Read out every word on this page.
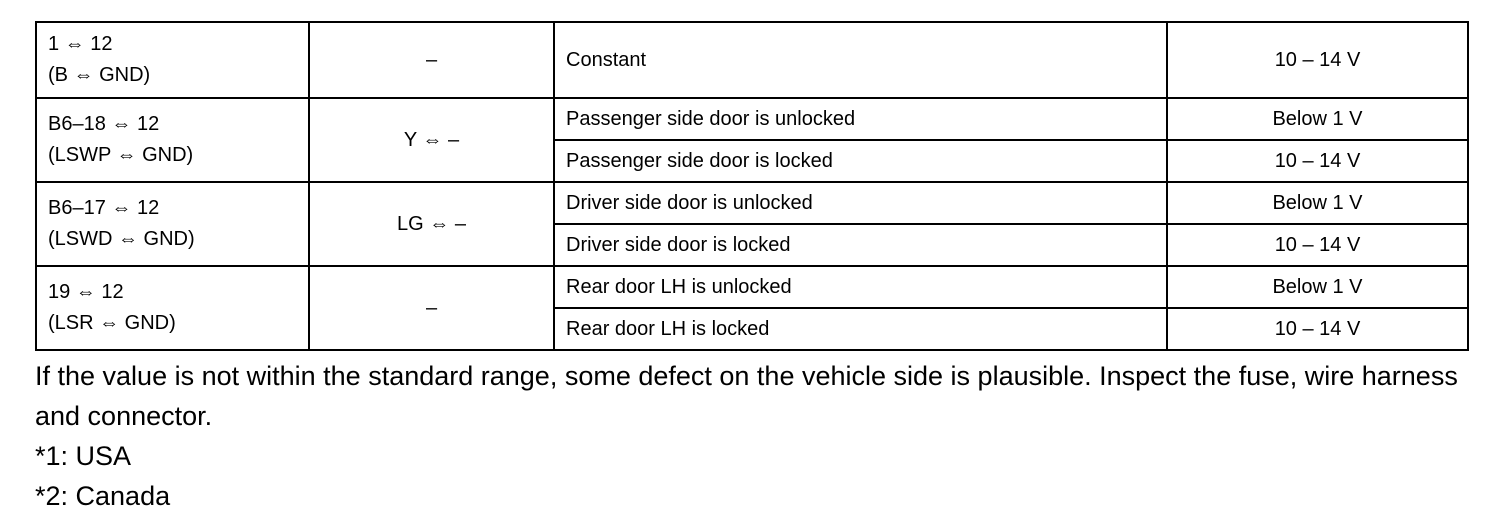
1 ⇔ 12
(B ⇔ GND)	–	Constant	10 – 14 V

B6–18 ⇔ 12
(LSWP ⇔ GND)	Y ⇔ –	Passenger side door is unlocked	Below 1 V
		Passenger side door is locked	10 – 14 V

B6–17 ⇔ 12
(LSWD ⇔ GND)	LG ⇔ –	Driver side door is unlocked	Below 1 V
		Driver side door is locked	10 – 14 V

19 ⇔ 12
(LSR ⇔ GND)	–	Rear door LH is unlocked	Below 1 V
		Rear door LH is locked	10 – 14 V

If the value is not within the standard range, some defect on the vehicle side is plausible. Inspect the fuse, wire harness and connector.

*1: USA

*2: Canada
